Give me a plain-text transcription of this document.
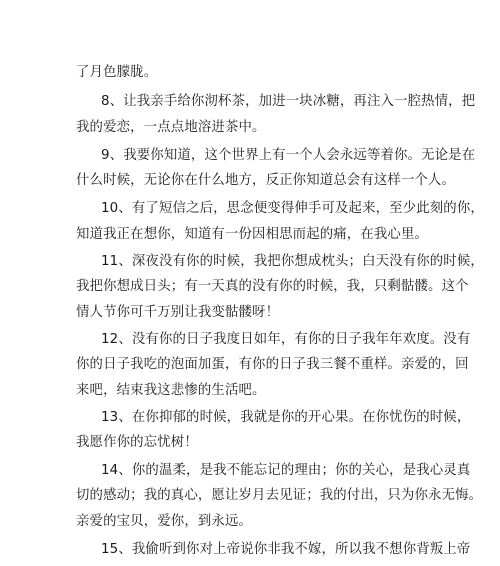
了月色朦胧。
8、让我亲手给你沏杯茶，加进一块冰糖，再注入一腔热情，把
我的爱恋，一点点地溶进茶中。
9、我要你知道，这个世界上有一个人会永远等着你。无论是在
什么时候，无论你在什么地方，反正你知道总会有这样一个人。
10、有了短信之后，思念便变得伸手可及起来，至少此刻的你，
知道我正在想你，知道有一份因相思而起的痛，在我心里。
11、深夜没有你的时候，我把你想成枕头；白天没有你的时候，
我把你想成日头；有一天真的没有你的时候，我，只剩骷髅。这个
情人节你可千万别让我变骷髅呀！
12、没有你的日子我度日如年，有你的日子我年年欢度。没有
你的日子我吃的泡面加蛋，有你的日子我三餐不重样。亲爱的，回
来吧，结束我这悲惨的生活吧。
13、在你抑郁的时候，我就是你的开心果。在你忧伤的时候，
我愿作你的忘忧树！
14、你的温柔，是我不能忘记的理由；你的关心，是我心灵真
切的感动；我的真心，愿让岁月去见证；我的付出，只为你永无悔。
亲爱的宝贝，爱你，到永远。
15、我偷听到你对上帝说你非我不嫁，所以我不想你背叛上帝
